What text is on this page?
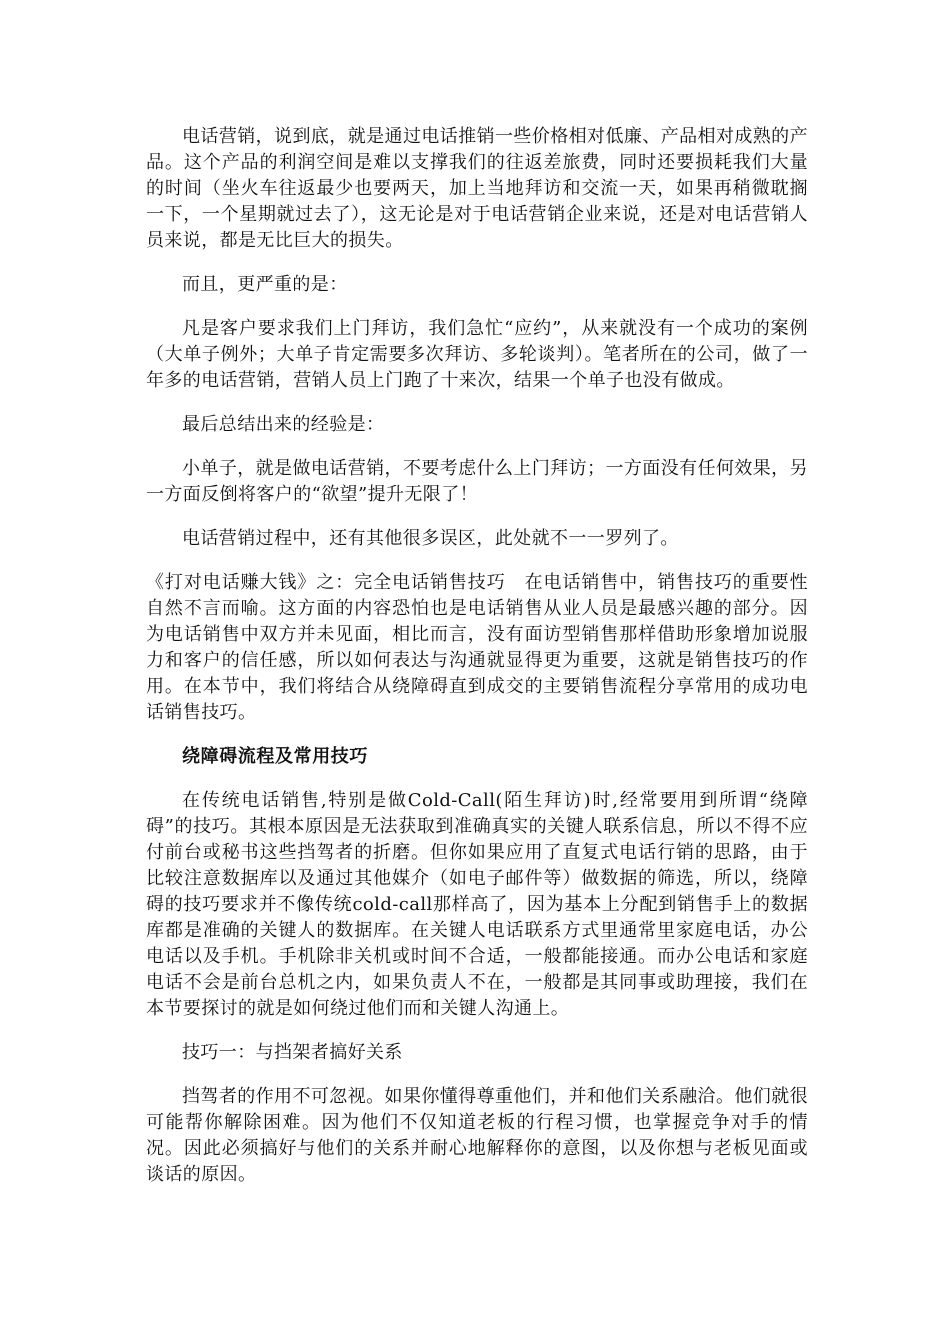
电话营销，说到底，就是通过电话推销一些价格相对低廉、产品相对成熟的产品。这个产品的利润空间是难以支撑我们的往返差旅费，同时还要损耗我们大量的时间（坐火车往返最少也要两天，加上当地拜访和交流一天，如果再稍微耽搁一下，一个星期就过去了），这无论是对于电话营销企业来说，还是对电话营销人员来说，都是无比巨大的损失。

而且，更严重的是：

凡是客户要求我们上门拜访，我们急忙“应约”，从来就没有一个成功的案例（大单子例外；大单子肯定需要多次拜访、多轮谈判）。笔者所在的公司，做了一年多的电话营销，营销人员上门跑了十来次，结果一个单子也没有做成。

最后总结出来的经验是：

小单子，就是做电话营销，不要考虑什么上门拜访；一方面没有任何效果，另一方面反倒将客户的“欲望”提升无限了！

电话营销过程中，还有其他很多误区，此处就不一一罗列了。

《打对电话赚大钱》之：完全电话销售技巧　在电话销售中，销售技巧的重要性自然不言而喻。这方面的内容恐怕也是电话销售从业人员是最感兴趣的部分。因为电话销售中双方并未见面，相比而言，没有面访型销售那样借助形象增加说服力和客户的信任感，所以如何表达与沟通就显得更为重要，这就是销售技巧的作用。在本节中，我们将结合从绕障碍直到成交的主要销售流程分享常用的成功电话销售技巧。

绕障碍流程及常用技巧

在传统电话销售,特别是做Cold-Call(陌生拜访)时,经常要用到所谓“绕障碍”的技巧。其根本原因是无法获取到准确真实的关键人联系信息，所以不得不应付前台或秘书这些挡驾者的折磨。但你如果应用了直复式电话行销的思路，由于比较注意数据库以及通过其他媒介（如电子邮件等）做数据的筛选，所以，绕障碍的技巧要求并不像传统cold-call那样高了，因为基本上分配到销售手上的数据库都是准确的关键人的数据库。在关键人电话联系方式里通常里家庭电话，办公电话以及手机。手机除非关机或时间不合适，一般都能接通。而办公电话和家庭电话不会是前台总机之内，如果负责人不在，一般都是其同事或助理接，我们在本节要探讨的就是如何绕过他们而和关键人沟通上。

技巧一：与挡架者搞好关系

挡驾者的作用不可忽视。如果你懂得尊重他们，并和他们关系融洽。他们就很可能帮你解除困难。因为他们不仅知道老板的行程习惯，也掌握竞争对手的情况。因此必须搞好与他们的关系并耐心地解释你的意图，以及你想与老板见面或谈话的原因。
